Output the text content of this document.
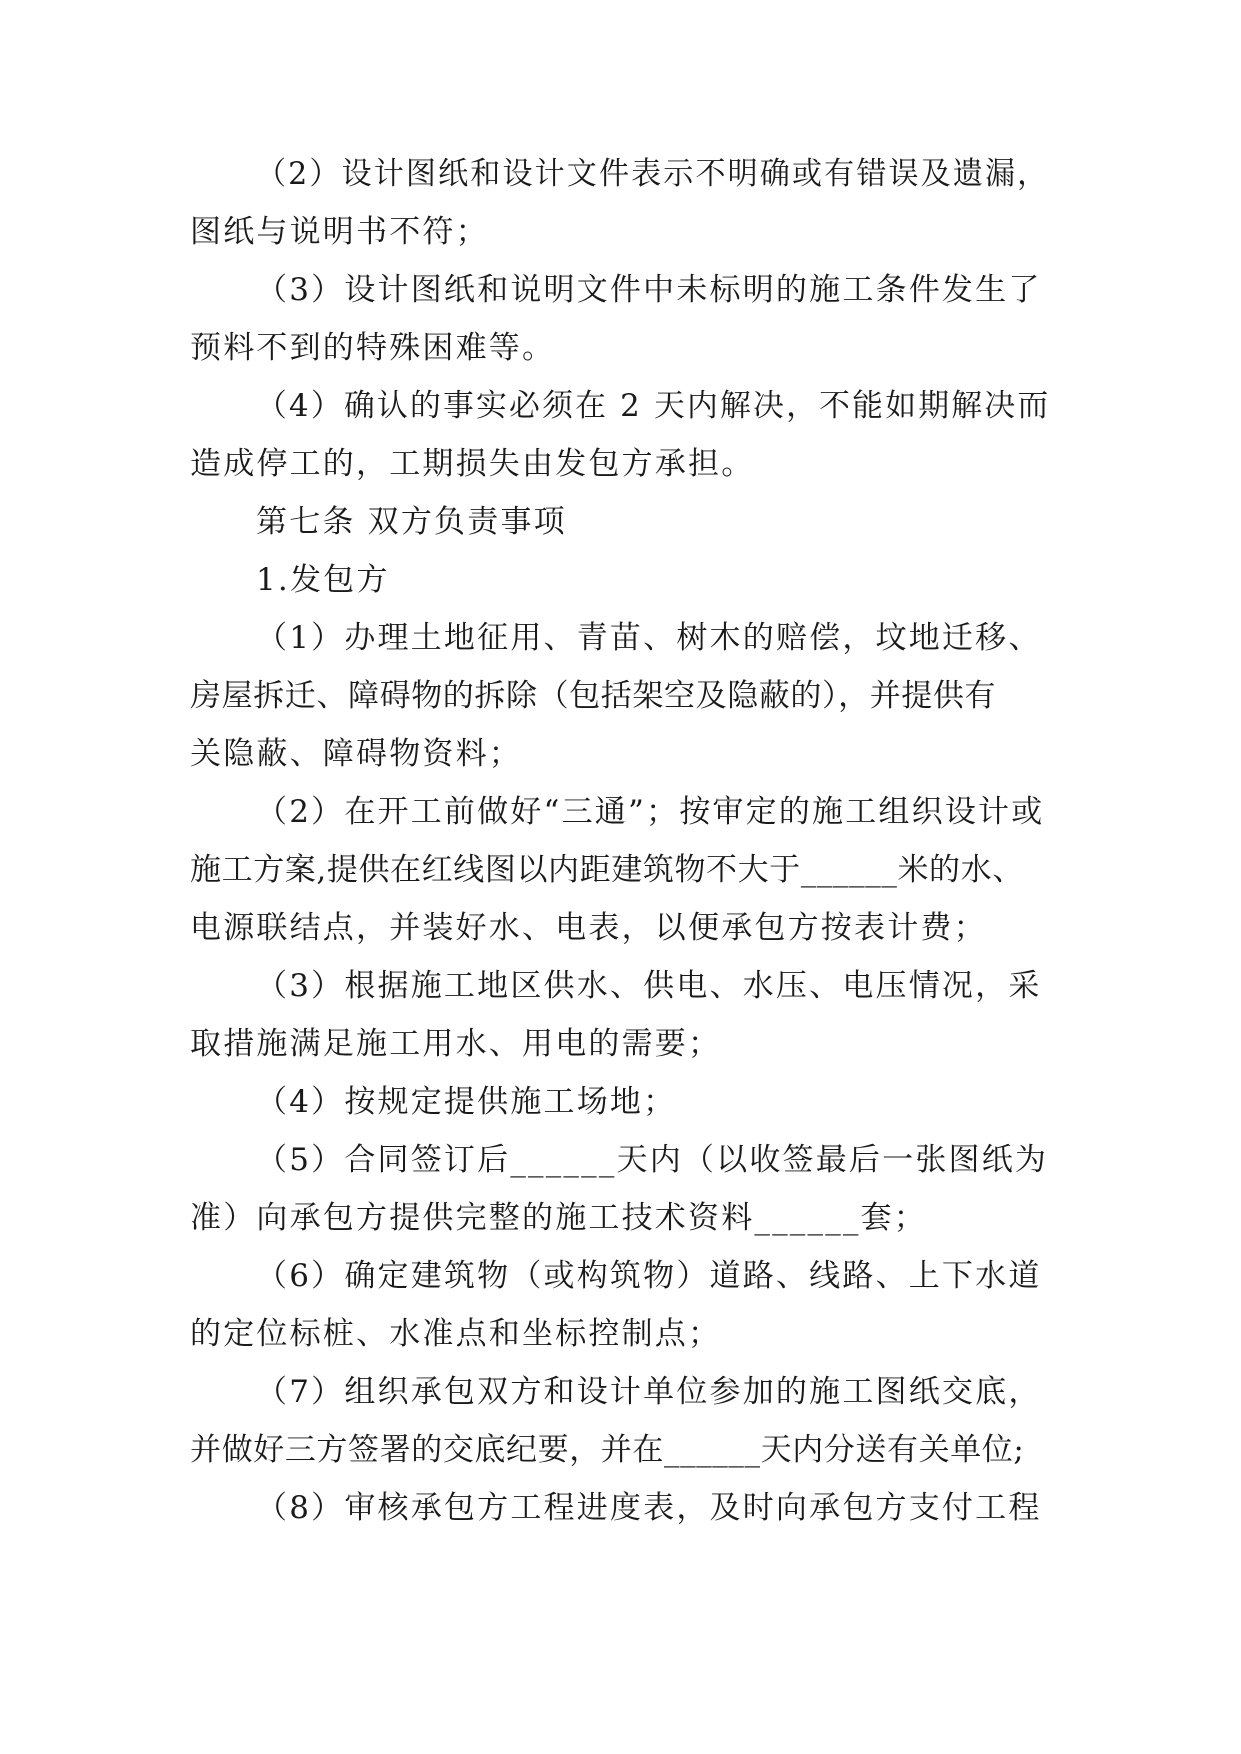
（2）设计图纸和设计文件表示不明确或有错误及遗漏，
图纸与说明书不符；
（3）设计图纸和说明文件中未标明的施工条件发生了
预料不到的特殊困难等。
（4）确认的事实必须在 2 天内解决，不能如期解决而
造成停工的，工期损失由发包方承担。
第七条 双方负责事项
1.发包方
（1）办理土地征用、青苗、树木的赔偿，坟地迁移、
房屋拆迁、障碍物的拆除（包括架空及隐蔽的），并提供有
关隐蔽、障碍物资料；
（2）在开工前做好“三通”；按审定的施工组织设计或
施工方案,提供在红线图以内距建筑物不大于______米的水、
电源联结点，并装好水、电表，以便承包方按表计费；
（3）根据施工地区供水、供电、水压、电压情况，采
取措施满足施工用水、用电的需要；
（4）按规定提供施工场地；
（5）合同签订后______天内（以收签最后一张图纸为
准）向承包方提供完整的施工技术资料______套；
（6）确定建筑物（或构筑物）道路、线路、上下水道
的定位标桩、水准点和坐标控制点；
（7）组织承包双方和设计单位参加的施工图纸交底，
并做好三方签署的交底纪要，并在______天内分送有关单位;
（8）审核承包方工程进度表，及时向承包方支付工程
